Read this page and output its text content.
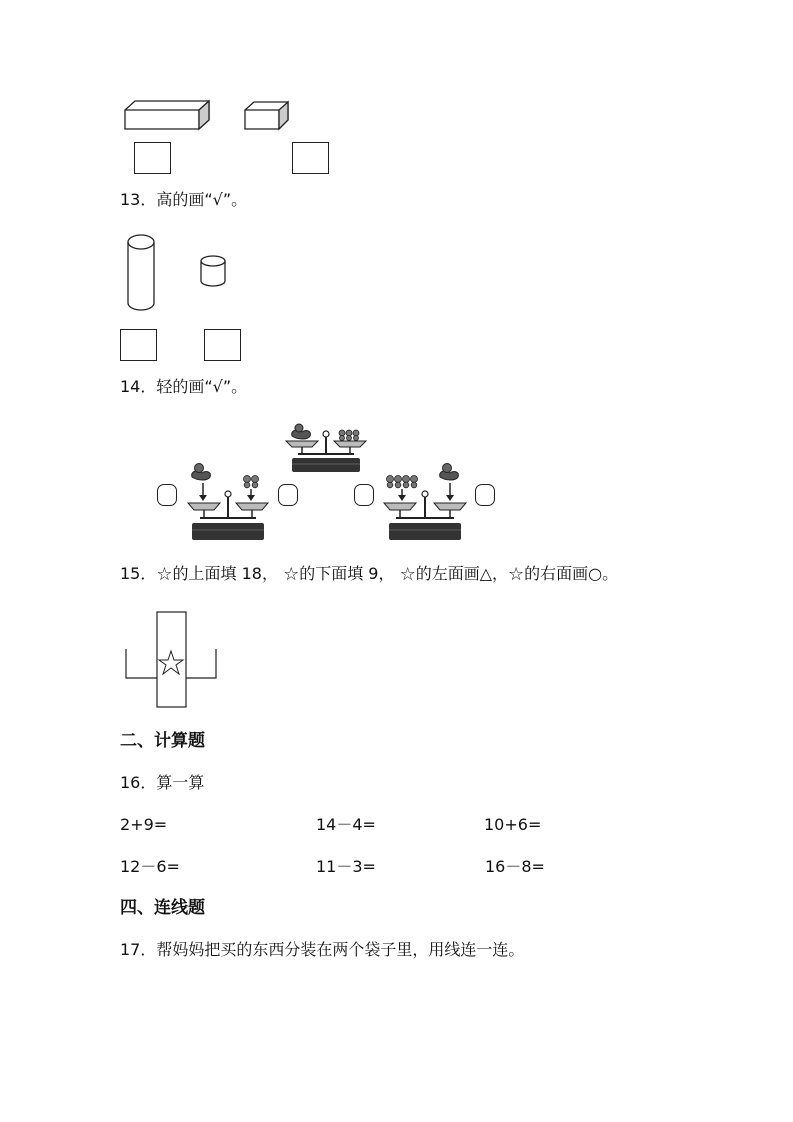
13．高的画“√”。
14．轻的画“√”。
15．☆的上面填 18， ☆的下面填 9， ☆的左面画△，☆的右面画○。
二、计算题
16．算一算
2+9=	14－4=	10+6=
12－6=	11－3=	16－8=
四、连线题
17．帮妈妈把买的东西分装在两个袋子里，用线连一连。
